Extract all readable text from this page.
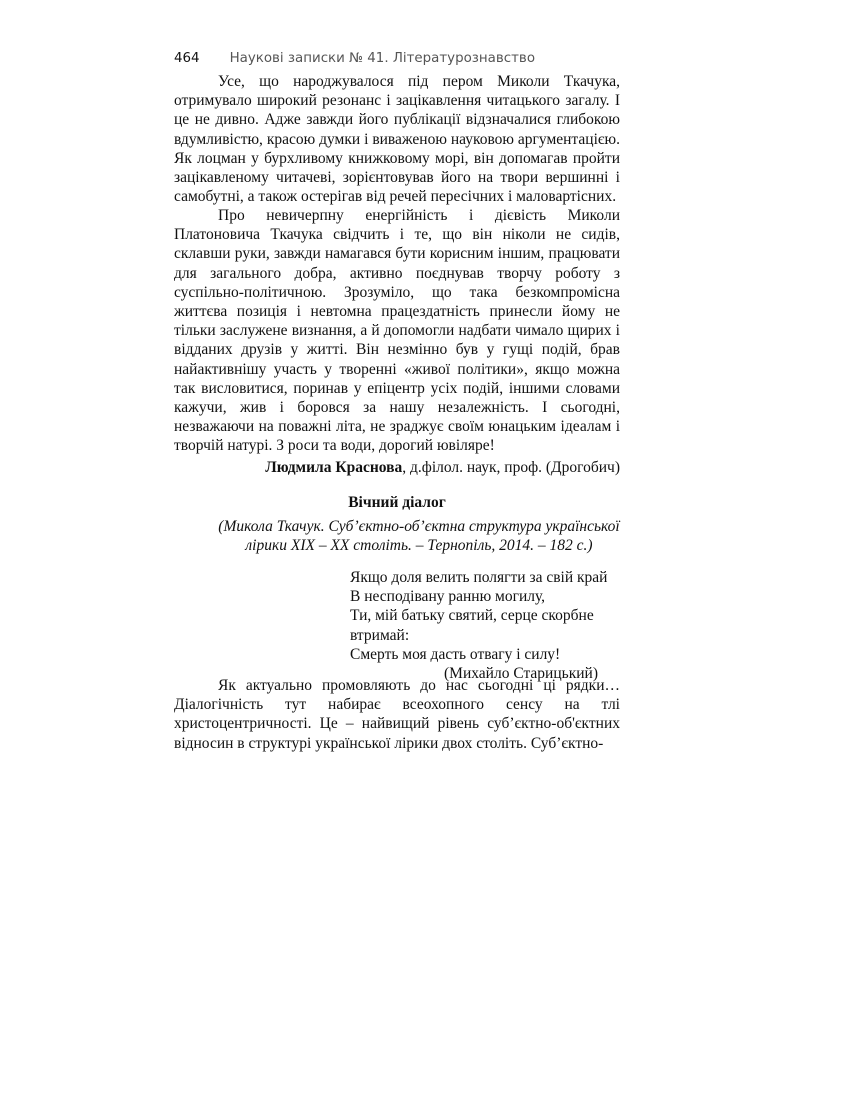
464 Наукові записки № 41. Літературознавство

Усе, що народжувалося під пером Миколи Ткачука, отримувало широкий резонанс і зацікавлення читацького загалу. І це не дивно. Адже завжди його публікації відзначалися глибокою вдумливістю, красою думки і виваженою науковою аргументацією. Як лоцман у бурхливому книжковому морі, він допомагав пройти зацікавленому читачеві, зорієнтовував його на твори вершинні і самобутні, а також остерігав від речей пересічних і маловартісних.

Про невичерпну енергійність і дієвість Миколи Платоновича Ткачука свідчить і те, що він ніколи не сидів, склавши руки, завжди намагався бути корисним іншим, працювати для загального добра, активно поєднував творчу роботу з суспільно-політичною. Зрозуміло, що така безкомпромісна життєва позиція і невтомна працездатність принесли йому не тільки заслужене визнання, а й допомогли надбати чимало щирих і відданих друзів у житті. Він незмінно був у гущі подій, брав найактивнішу участь у творенні «живої політики», якщо можна так висловитися, поринав у епіцентр усіх подій, іншими словами кажучи, жив і боровся за нашу незалежність. І сьогодні, незважаючи на поважні літа, не зраджує своїм юнацьким ідеалам і творчій натурі. З роси та води, дорогий ювіляре!

Людмила Краснова, д.філол. наук, проф. (Дрогобич)
Вічний діалог
(Микола Ткачук. Суб’єктно-об’єктна структура української лірики ХІХ – ХХ століть. – Тернопіль, 2014. – 182 с.)
Якщо доля велить полягти за свій край
В несподівану ранню могилу,
Ти, мій батьку святий, серце скорбне втримай:
Смерть моя дасть отвагу і силу!
(Михайло Старицький)

Як актуально промовляють до нас сьогодні ці рядки… Діалогічність тут набирає всеохопного сенсу на тлі христоцентричності. Це – найвищий рівень суб’єктно-об'єктних відносин в структурі української лірики двох століть. Суб’єктно-
